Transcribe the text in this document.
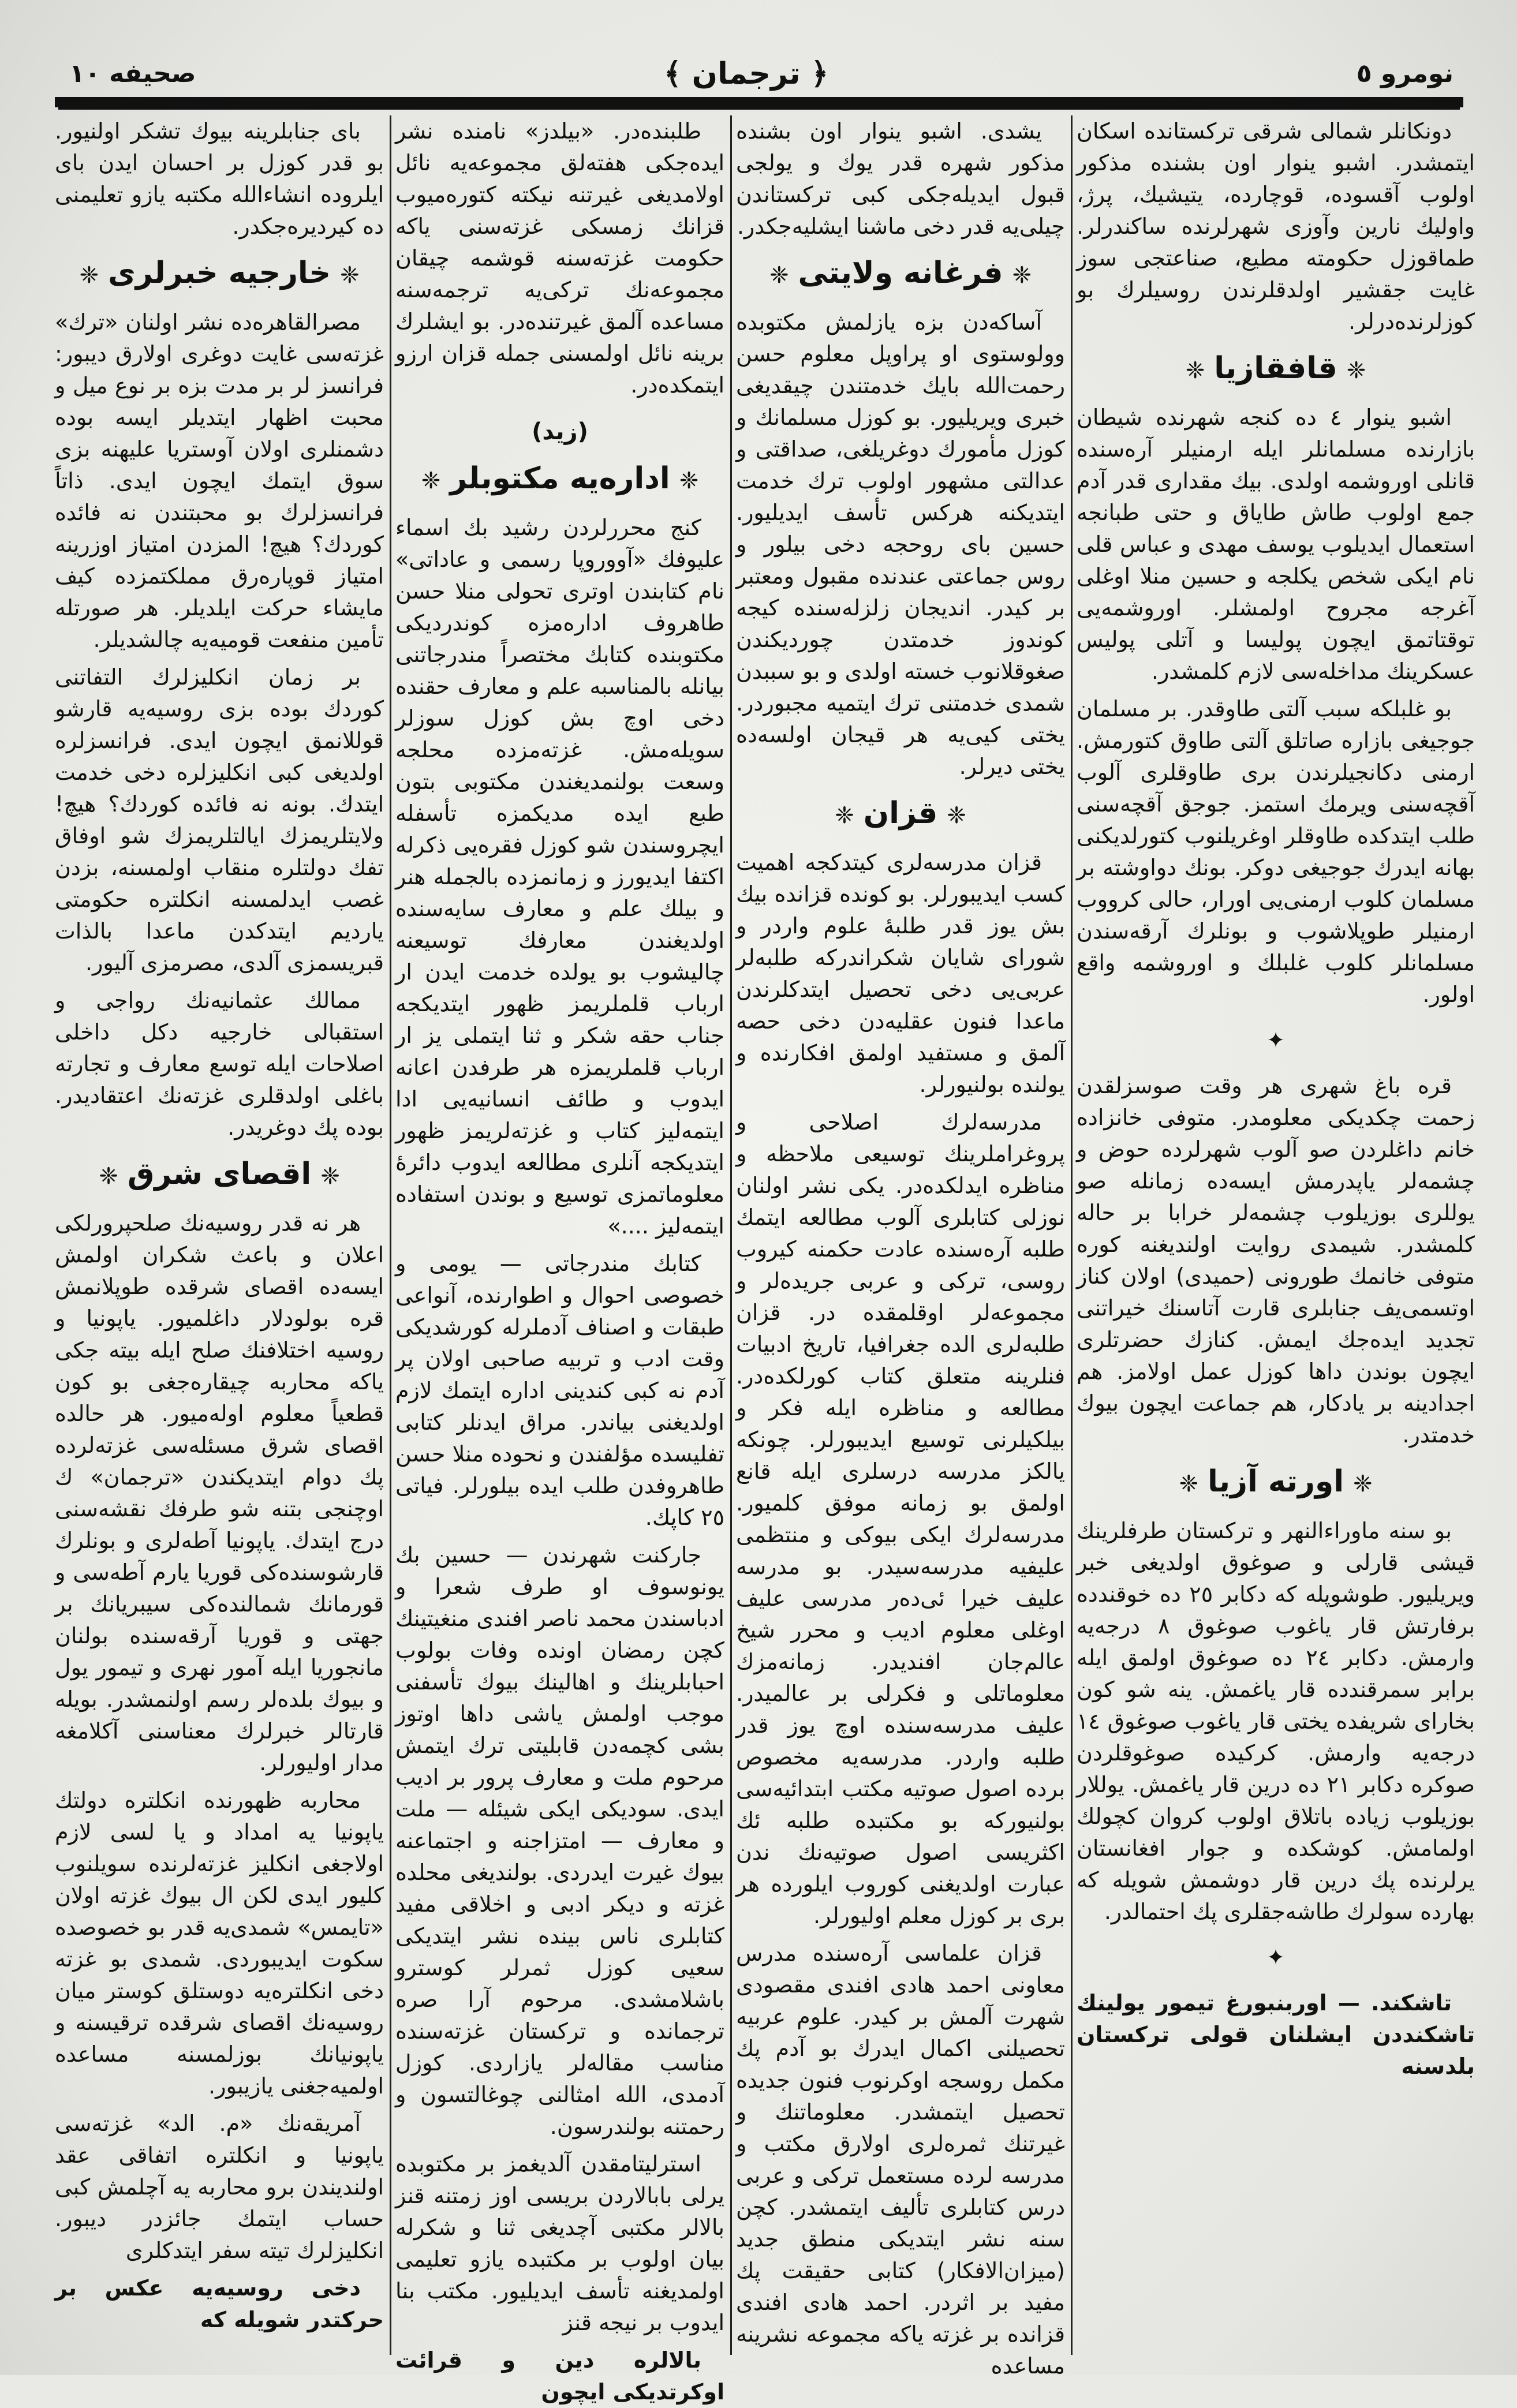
نومرو ٥
﴿ ترجمان ﴾
صحيفه ١٠

دونكانلر شمالی شرقی تركستانده اسكان ایتمشدر. اشبو ینوار اون بشنده مذكور اولوب آقسوده، قوچارده، یتیشیك، پرژ، واولیك نارین وآوزی شهرلرنده ساكندرلر. طماقوزل حكومته مطیع، صناعتجی سوز غایت جقشیر اولدقلرندن روسیلرك بو كوزلرنده‌درلر.

❈قافقازيا❈

اشبو ینوار ٤ ده كنجه شهرنده شیطان بازارنده مسلمانلر ایله ارمنیلر آره‌سنده قانلی اوروشمه اولدی. بیك مقداری قدر آدم جمع اولوب طاش طایاق و حتی طبانجه استعمال ایدیلوب یوسف مهدی و عباس قلی نام ایكی شخص یكلجه و حسین منلا اوغلی آغرجه مجروح اولمشلر. اوروشمه‌یی توقتاتمق ایچون پولیسا و آتلی پولیس عسكرینك مداخله‌سی لازم كلمشدر.

بو غلبلكه سبب آلتی طاوقدر. بر مسلمان جوجیغی بازاره صاتلق آلتی طاوق كتورمش. ارمنی دكانجیلرندن بری طاوقلری آلوب آقچه‌سنی ویرمك استمز. جوجق آقچه‌سنی طلب ایتدكده طاوقلر اوغریلنوب كتورلدیكنی بهانه ایدرك جوجیغی دوكر. بونك دواوشته بر مسلمان كلوب ارمنی‌یی اورار، حالی كرووب ارمنیلر طوپلاشوب و بونلرك آرقه‌سندن مسلمانلر كلوب غلبلك و اوروشمه واقع اولور.

✦

قره باغ شهری هر وقت صوسزلقدن زحمت چكدیكی معلومدر. متوفی خانزاده خانم داغلردن صو آلوب شهرلرده حوض و چشمه‌لر یاپدرمش ایسه‌ده زمانله صو یوللری بوزیلوب چشمه‌لر خرابا بر حاله كلمشدر. شیمدی روایت اولندیغنه كوره متوفی خانمك طورونی (حمیدی) اولان كناز اوتسمی‌یف جنابلری قارت آتاسنك خیراتنی تجدید ایده‌جك ایمش. كنازك حضرتلری ایچون بوندن داها كوزل عمل اولامز. هم اجدادینه بر یادكار، هم جماعت ایچون بیوك خدمتدر.

❈اورته آزيا❈

بو سنه ماوراءالنهر و تركستان طرفلرینك قیشی قارلی و صوغوق اولدیغی خبر ویریلیور. طوشوپله كه دكابر ٢٥ ده خوقندده برفارتش قار یاغوب صوغوق ٨ درجه‌یه وارمش. دكابر ٢٤ ده صوغوق اولمق ایله برابر سمرقندده قار یاغمش. ینه شو كون بخارای شریفده یختی قار یاغوب صوغوق ١٤ درجه‌یه وارمش. كركیده صوغوقلردن صوكره دكابر ٢١ ده درین قار یاغمش. یوللار بوزیلوب زیاده باتلاق اولوب كروان كچولك اولمامش. كوشكده و جوار افغانستان یرلرنده پك درین قار دوشمش شویله كه بهارده سولرك طاشه‌جقلری پك احتمالدر.

✦

تاشكند. — اوربنبورغ تیمور یولینك تاشكنددن ایشلنان قولی تركستان بلدسنه

یشدی. اشبو ینوار اون بشنده مذكور شهره قدر یوك و یولجی قبول ایدیله‌جكی كبی تركستاندن چیلی‌یه قدر دخی ماشنا ایشلیه‌جكدر.

❈فرغانه ولايتى❈

آساكه‌دن بزه یازلمش مكتوبده وولوستوی او پراوپل معلوم حسن رحمت‌الله بایك خدمتندن چیقدیغی خبری ویریلیور. بو كوزل مسلمانك و كوزل مأمورك دوغریلغی، صداقتی و عدالتی مشهور اولوب ترك خدمت ایتدیكنه هركس تأسف ایدیلیور. حسین بای روحجه دخی بیلور و روس جماعتی عندنده مقبول ومعتبر بر كیدر. اندیجان زلزله‌سنده كیجه كوندوز خدمتدن چوردیكندن صغوقلانوب خسته اولدی و بو سببدن شمدی خدمتنی ترك ایتمیه مجبوردر. یختی كیی‌یه هر قیجان اولسه‌ده یختی دیرلر.

❈قزان❈

قزان مدرسه‌لری كیتدكجه اهمیت كسب ایدیبورلر. بو كونده قزانده بیك بش یوز قدر طلبهٔ علوم واردر و شورای شایان شكراندركه طلبه‌لر عربی‌یی دخی تحصیل ایتدكلرندن ماعدا فنون عقلیه‌دن دخی حصه آلمق و مستفید اولمق افكارنده و یولنده بولنیورلر.

مدرسه‌لرك اصلاحی و پروغراملرینك توسیعی ملاحظه و مناظره ایدلكده‌در. یكی نشر اولنان نوزلی كتابلری آلوب مطالعه ایتمك طلبه آره‌سنده عادت حكمنه كیروب روسی، تركی و عربی جریده‌لر و مجموعه‌لر اوقلمقده در. قزان طلبه‌لری الده جغرافیا، تاریخ ادبیات فنلرینه متعلق كتاب كورلكده‌در. مطالعه و مناظره ایله فكر و بیلكیلرنی توسیع ایدیبورلر. چونكه یالكز مدرسه درسلری ایله قانع اولمق بو زمانه موفق كلمیور. مدرسه‌لرك ایكی بیوكی و منتظمی علیفیه مدرسه‌سیدر. بو مدرسه علیف خیرا ئی‌ده‌ر مدرسی علیف اوغلی معلوم ادیب و محرر شیخ عالم‌جان افندیدر. زمانه‌مزك معلوماتلی و فكرلی بر عالمیدر. علیف مدرسه‌سنده اوچ یوز قدر طلبه واردر. مدرسه‌یه مخصوص برده اصول صوتیه مكتب ابتدائیه‌سی بولنیوركه بو مكتبده طلبه ئك اكثریسی اصول صوتیه‌نك ندن عبارت اولدیغنی كوروب ایلورده هر بری بر كوزل معلم اولیورلر.

قزان علماسی آره‌سنده مدرس معاونی احمد هادی افندی مقصودی شهرت آلمش بر كیدر. علوم عربیه تحصیلنی اكمال ایدرك بو آدم پك مكمل روسجه اوكرنوب فنون جدیده تحصیل ایتمشدر. معلوماتنك و غیرتنك ثمره‌لری اولارق مكتب و مدرسه لرده مستعمل تركی و عربی درس كتابلری تألیف ایتمشدر. كچن سنه نشر ایتدیكی منطق جدید (میزان‌الافكار) كتابی حقیقت پك مفید بر اثردر. احمد هادی افندی قزانده بر غزته یاكه مجموعه نشرینه مساعده

طلبنده‌در. «بیلدز» نامنده نشر ایده‌جكی هفته‌لق مجموعه‌یه نائل اولامدیغی غیرتنه نیكته كتوره‌میوب قزانك زمسكی غزته‌سنی یاكه حكومت غزته‌سنه قوشمه چیقان مجموعه‌نك تركی‌یه ترجمه‌سنه مساعده آلمق غیرتنده‌در. بو ایشلرك برینه نائل اولمسنی جمله قزان ارزو ایتمكده‌در.

(زيد)
❈اداره‌يه مكتوبلر❈

كنج محررلردن رشید بك اسماء علیوفك «آووروپا رسمی و عاداتی» نام كتابندن اوتری تحولی منلا حسن طاهروف اداره‌مزه كوندردیكی مكتوبنده كتابك مختصراً مندرجاتنی بیانله بالمناسبه علم و معارف حقنده دخی اوچ بش كوزل سوزلر سویله‌مش. غزته‌مزده محلجه وسعت بولنمدیغندن مكتوبی بتون طبع ایده مدیكمزه تأسفله ایچروسندن شو كوزل فقره‌یی ذكرله اكتفا ایدیورز و زمانمزده بالجمله هنر و بیلك علم و معارف سایه‌سنده اولدیغندن معارفك توسیعنه چالیشوب بو یولده خدمت ایدن ار ارباب قلملریمز ظهور ایتدیكجه جناب حقه شكر و ثنا ایتملی یز ار ارباب قلملریمزه هر طرفدن اعانه ایدوب و طائف انسانیه‌یی ادا ایتمه‌لیز كتاب و غزته‌لریمز ظهور ایتدیكجه آنلری مطالعه ایدوب دائرهٔ معلوماتمزی توسیع و بوندن استفاده ایتمه‌لیز ....»

كتابك مندرجاتی — یومی و خصوصی احوال و اطوارنده، آنواعی طبقات و اصناف آدملرله كورشدیكی وقت ادب و تربیه صاحبی اولان پر آدم نه كبی كندینی اداره ایتمك لازم اولدیغنی بیاندر. مراق ایدنلر كتابی تفلیسده مؤلفندن و نحوده منلا حسن طاهروفدن طلب ایده بیلورلر. فیاتی ٢٥ كاپك.

جاركنت شهرندن — حسین بك یونوسوف او طرف شعرا و ادباسندن محمد ناصر افندی منغیتینك كچن رمضان اونده وفات بولوب احبابلرینك و اهالینك بیوك تأسفنی موجب اولمش یاشی داها اوتوز بشی كچمه‌دن قابلیتی ترك ایتمش مرحوم ملت و معارف پرور بر ادیب ایدی. سودیكی ایكی شیئله — ملت و معارف — امتزاجنه و اجتماعنه بیوك غیرت ایدردی. بولندیغی محلده غزته و دیكر ادبی و اخلاقی مفید كتابلری ناس بینده نشر ایتدیكی سعیی كوزل ثمرلر كوسترو باشلامشدی. مرحوم آرا صره ترجمانده و تركستان غزته‌سنده مناسب مقاله‌لر یازاردی. كوزل آدمدی، الله امثالنی چوغالتسون و رحمتنه بولندرسون.

استرلیتامقدن آلدیغمز بر مكتوبده یرلی بابالاردن بریسی اوز زمتنه قنز بالالر مكتبی آچدیغی ثنا و شكرله بیان اولوب بر مكتبده یازو تعلیمی اولمدیغنه تأسف ایدیلیور. مكتب بنا ایدوب بر نیجه قنز

بالالره دین و قرائت اوكرتدیكی ایچون

بای جنابلرینه بیوك تشكر اولنیور. بو قدر كوزل بر احسان ایدن بای ایلروده انشاءالله مكتبه یازو تعلیمنی ده كیردیره‌جكدر.

❈خارجيه خبرلرى❈

مصرالقاهره‌ده نشر اولنان «ترك» غزته‌سی غایت دوغری اولارق دیبور: فرانسز لر بر مدت بزه بر نوع میل و محبت اظهار ایتدیلر ایسه بوده دشمنلری اولان آوستریا علیهنه بزی سوق ایتمك ایچون ایدی. ذاتاً فرانسزلرك بو محبتندن نه فائده كوردك؟ هیچ! المزدن امتیاز اوزرینه امتیاز قوپاره‌رق مملكتمزده كیف مایشاء حركت ایلدیلر. هر صورتله تأمین منفعت قومیه‌یه چالشدیلر.

بر زمان انكلیزلرك التفاتنی كوردك بوده بزی روسیه‌یه قارشو قوللانمق ایچون ایدی. فرانسزلره اولدیغی كبی انكلیزلره دخی خدمت ایتدك. بونه نه فائده كوردك؟ هیچ! ولایتلریمزك ایالتلریمزك شو اوفاق تفك دولتلره منقاب اولمسنه، بزدن غصب ایدلمسنه انكلتره حكومتی یاردیم ایتدكدن ماعدا بالذات قبریسمزی آلدی، مصرمزی آلیور.

ممالك عثمانیه‌نك رواجی و استقبالی خارجیه دكل داخلی اصلاحات ایله توسع معارف و تجارته باغلی اولدقلری غزته‌نك اعتقادیدر. بوده پك دوغریدر.

❈اقصاى شرق❈

هر نه قدر روسیه‌نك صلحپرورلكی اعلان و باعث شكران اولمش ایسه‌ده اقصای شرقده طوپلانمش قره بولودلار داغلمیور. یاپونیا و روسیه اختلافنك صلح ایله بیته جكی یاكه محاربه چیقاره‌جغی بو كون قطعیاً معلوم اوله‌میور. هر حالده اقصای شرق مسئله‌سی غزته‌لرده پك دوام ایتدیكندن «ترجمان» ك اوچنجی بتنه شو طرفك نقشه‌سنی درج ایتدك. یاپونیا آطه‌لری و بونلرك قارشوسنده‌كی قوریا یارم آطه‌سی و قورمانك شمالنده‌كی سیبریانك بر جهتی و قوریا آرقه‌سنده بولنان مانجوریا ایله آمور نهری و تیمور یول و بیوك بلده‌لر رسم اولنمشدر. بویله قارتالر خبرلرك معناسنی آكلامغه مدار اولیورلر.

محاربه ظهورنده انكلتره دولتك یاپونیا یه امداد و یا لسی لازم اولاجغی انكلیز غزته‌لرنده سویلنوب كلیور ایدی لكن ال بیوك غزته اولان «تایمس» شمدی‌یه قدر بو خصوصده سكوت ایدیبوردی. شمدی بو غزته دخی انكلتره‌یه دوستلق كوستر میان روسیه‌نك اقصای شرقده ترقیسنه و یاپونیانك بوزلمسنه مساعده اولمیه‌جغنی یازیبور.

آمریقه‌نك «م. الد» غزته‌سی یاپونیا و انكلتره اتفاقی عقد اولندیندن برو محاربه یه آچلمش كبی حساب ایتمك جائزدر دیبور. انكلیزلرك تیته سفر ایتدكلری

دخی روسیه‌یه عكس بر حركتدر شویله كه
